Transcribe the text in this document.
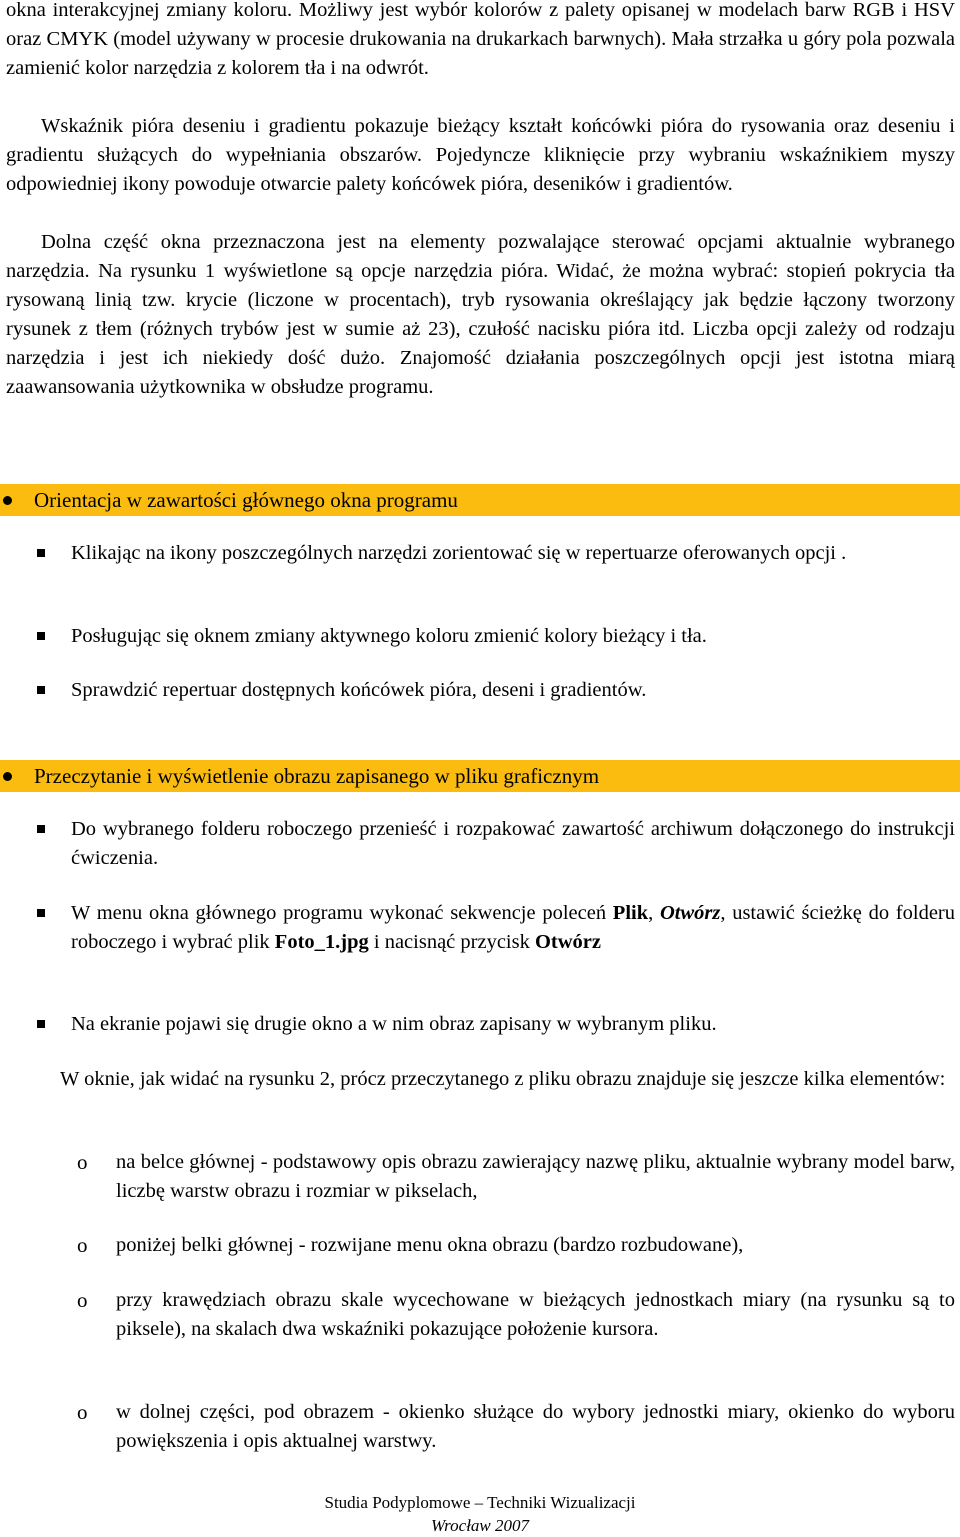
okna interakcyjnej zmiany koloru. Możliwy jest wybór kolorów z palety opisanej w modelach barw RGB i HSV oraz CMYK (model używany w procesie drukowania na drukarkach barwnych). Mała strzałka u góry pola pozwala zamienić kolor narzędzia z kolorem tła i na odwrót.
Wskaźnik pióra deseniu i gradientu pokazuje bieżący kształt końcówki pióra do rysowania oraz deseniu i gradientu służących do wypełniania obszarów. Pojedyncze kliknięcie przy wybraniu wskaźnikiem myszy odpowiedniej ikony powoduje otwarcie palety końcówek pióra, deseników i gradientów.
Dolna część okna przeznaczona jest na elementy pozwalające sterować opcjami aktualnie wybranego narzędzia. Na rysunku 1 wyświetlone są opcje narzędzia pióra. Widać, że można wybrać: stopień pokrycia tła rysowaną linią tzw. krycie (liczone w procentach), tryb rysowania określający jak będzie łączony tworzony rysunek z tłem (różnych trybów jest w sumie aż 23), czułość nacisku pióra itd. Liczba opcji zależy od rodzaju narzędzia i jest ich niekiedy dość dużo. Znajomość działania poszczególnych opcji jest istotna miarą zaawansowania użytkownika w obsłudze programu.
Orientacja w zawartości głównego okna programu
Klikając na ikony poszczególnych narzędzi zorientować się w repertuarze oferowanych opcji .
Posługując się oknem zmiany aktywnego koloru zmienić kolory bieżący i tła.
Sprawdzić repertuar dostępnych końcówek pióra, deseni i gradientów.
Przeczytanie i wyświetlenie obrazu zapisanego w pliku graficznym
Do wybranego folderu roboczego przenieść i rozpakować zawartość archiwum dołączonego do instrukcji ćwiczenia.
W menu okna głównego programu wykonać sekwencje poleceń Plik, Otwórz, ustawić ścieżkę do folderu roboczego i wybrać plik Foto_1.jpg i nacisnąć przycisk Otwórz
Na ekranie pojawi się drugie okno a w nim obraz zapisany w wybranym pliku.
W oknie, jak widać na rysunku 2, prócz przeczytanego z pliku obrazu znajduje się jeszcze kilka elementów:
o na belce głównej - podstawowy opis obrazu zawierający nazwę pliku, aktualnie wybrany model barw, liczbę warstw obrazu i rozmiar w pikselach,
o poniżej belki głównej - rozwijane menu okna obrazu (bardzo rozbudowane),
o przy krawędziach obrazu skale wycechowane w bieżących jednostkach miary (na rysunku są to piksele), na skalach dwa wskaźniki pokazujące położenie kursora.
o w dolnej części, pod obrazem - okienko służące do wybory jednostki miary, okienko do wyboru powiększenia i opis aktualnej warstwy.
Studia Podyplomowe – Techniki Wizualizacji
Wrocław 2007
